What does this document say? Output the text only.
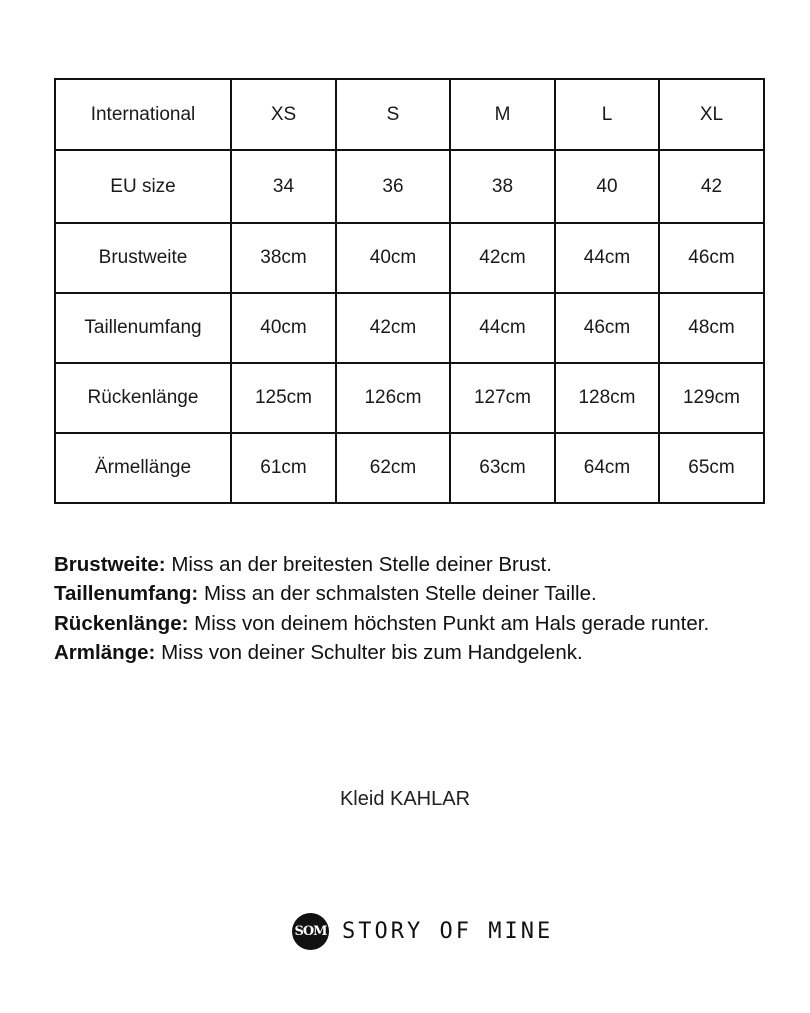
International	XS	S	M	L	XL
EU size	34	36	38	40	42
Brustweite	38cm	40cm	42cm	44cm	46cm
Taillenumfang	40cm	42cm	44cm	46cm	48cm
Rückenlänge	125cm	126cm	127cm	128cm	129cm
Ärmellänge	61cm	62cm	63cm	64cm	65cm

Brustweite: Miss an der breitesten Stelle deiner Brust.

Taillenumfang: Miss an der schmalsten Stelle deiner Taille.

Rückenlänge: Miss von deinem höchsten Punkt am Hals gerade runter.

Armlänge: Miss von deiner Schulter bis zum Handgelenk.

Kleid KAHLAR
SOM STORY OF MINE
